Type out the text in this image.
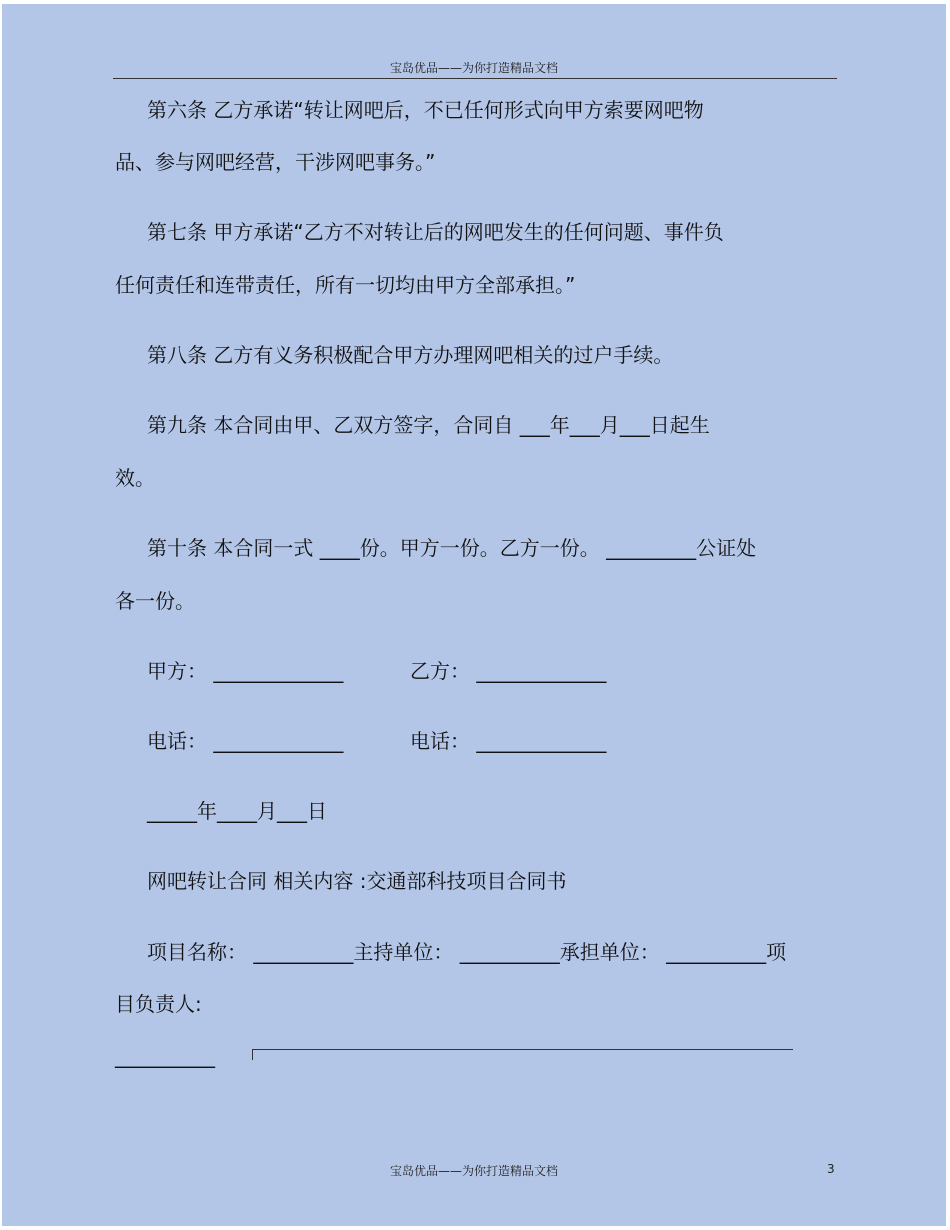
宝岛优品——为你打造精品文档
第六条 乙方承诺“转让网吧后，不已任何形式向甲方索要网吧物
品、参与网吧经营，干涉网吧事务。”
第七条 甲方承诺“乙方不对转让后的网吧发生的任何问题、事件负
任何责任和连带责任，所有一切均由甲方全部承担。”
第八条 乙方有义务积极配合甲方办理网吧相关的过户手续。
第九条 本合同由甲、乙双方签字，合同自 ___年___月___日起生
效。
第十条 本合同一式 ____份。甲方一份。乙方一份。 _________公证处
各一份。
甲方： _____________	乙方： _____________
电话： _____________	电话： _____________
_____年____月___日
网吧转让合同 相关内容 :交通部科技项目合同书
项目名称： __________主持单位： __________承担单位： __________项
目负责人:
__________
宝岛优品——为你打造精品文档	3
